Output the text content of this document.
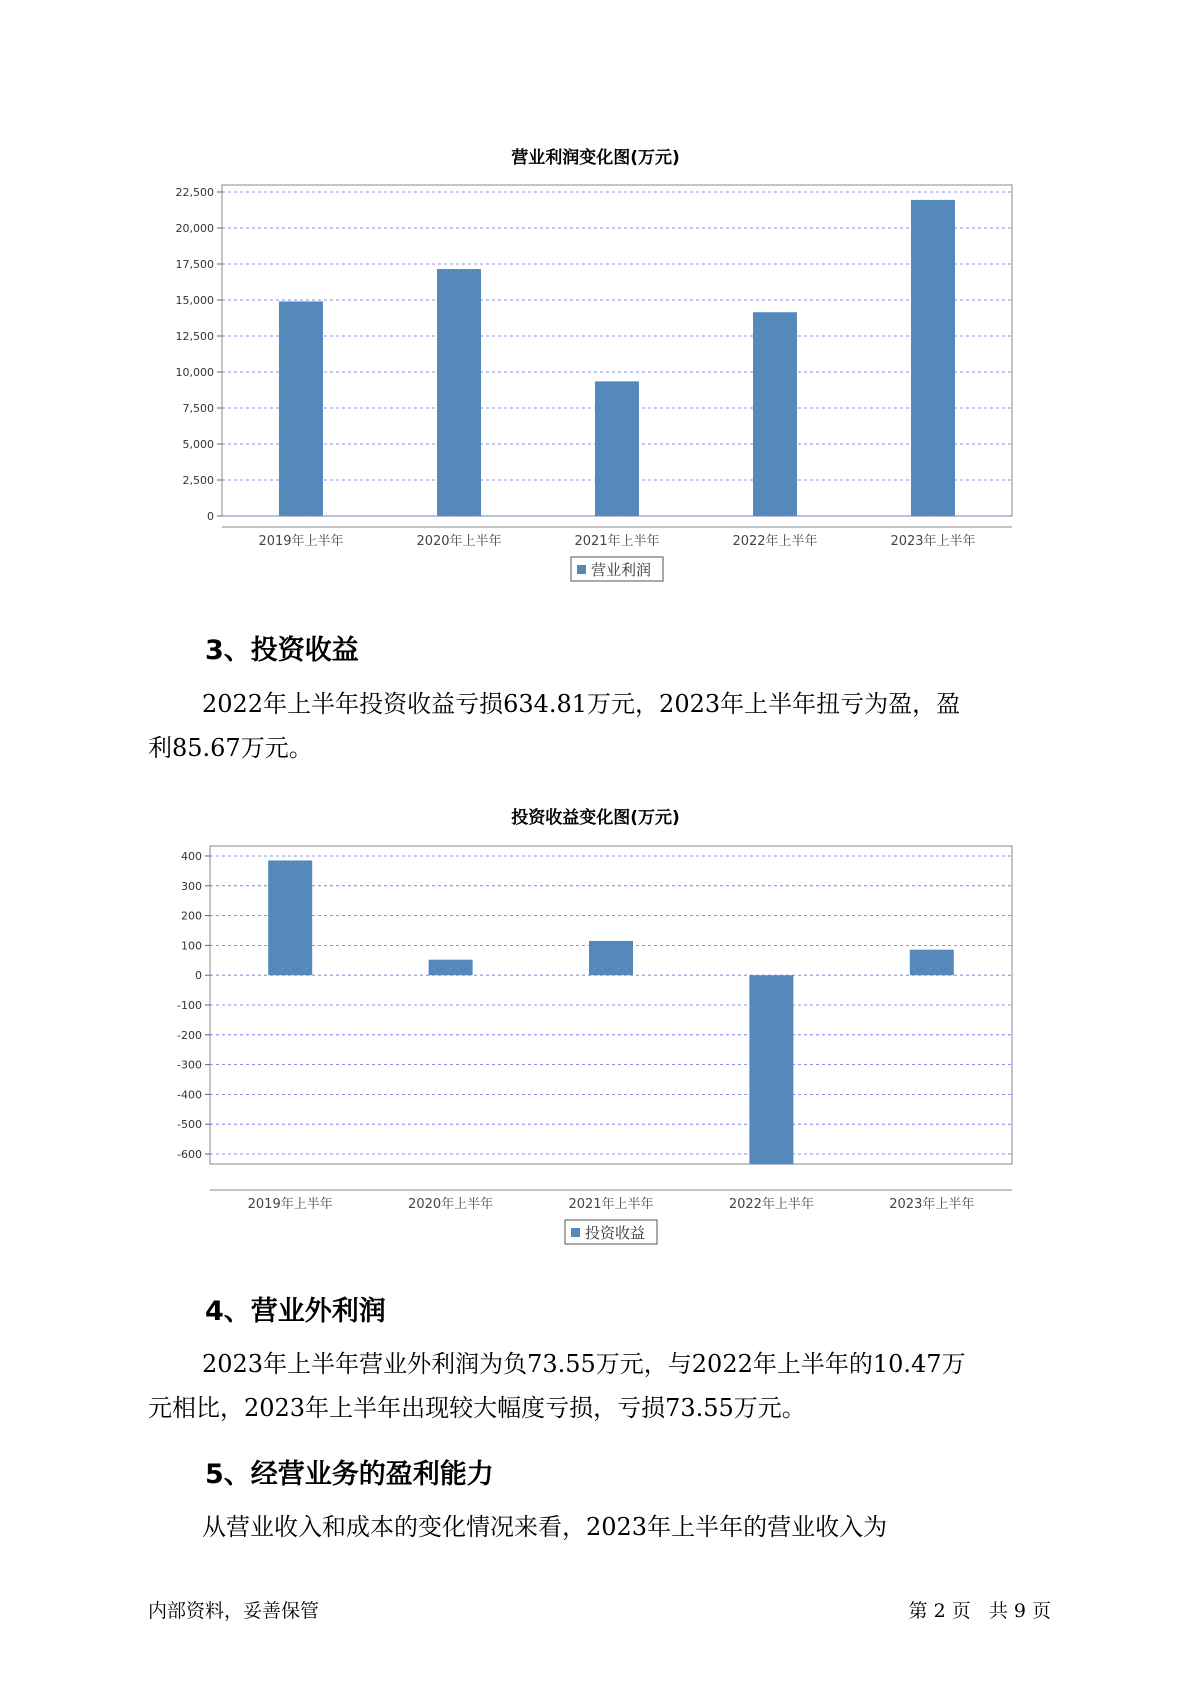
营业利润变化图(万元)
0
2,500
5,000
7,500
10,000
12,500
15,000
17,500
20,000
22,500
2019年上半年	2020年上半年	2021年上半年	2022年上半年	2023年上半年
营业利润
3、投资收益
2022年上半年投资收益亏损634.81万元，2023年上半年扭亏为盈，盈
利85.67万元。
投资收益变化图(万元)
400
300
200
100
0
-100
-200
-300
-400
-500
-600
2019年上半年	2020年上半年	2021年上半年	2022年上半年	2023年上半年
投资收益
4、营业外利润
2023年上半年营业外利润为负73.55万元，与2022年上半年的10.47万
元相比，2023年上半年出现较大幅度亏损，亏损73.55万元。
5、经营业务的盈利能力
从营业收入和成本的变化情况来看，2023年上半年的营业收入为
内部资料，妥善保管	第 2 页   共 9 页
